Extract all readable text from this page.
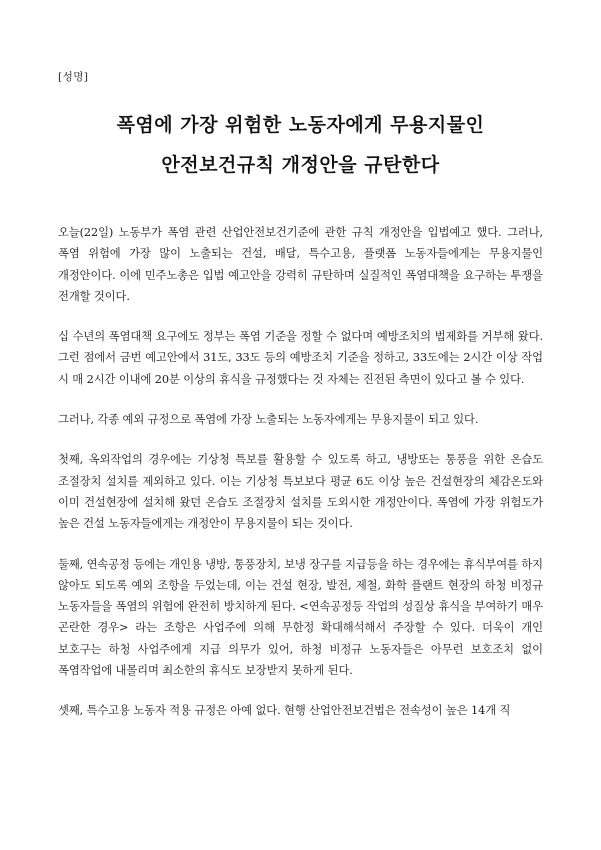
[성명]
폭염에 가장 위험한 노동자에게 무용지물인
안전보건규칙 개정안을 규탄한다

오늘(22일) 노동부가 폭염 관련 산업안전보건기준에 관한 규칙 개정안을 입법예고 했다. 그러나, 폭염 위험에 가장 많이 노출되는 건설, 배달, 특수고용, 플랫폼 노동자들에게는 무용지물인 개정안이다. 이에 민주노총은 입법 예고안을 강력히 규탄하며 실질적인 폭염대책을 요구하는 투쟁을 전개할 것이다.

십 수년의 폭염대책 요구에도 정부는 폭염 기준을 정할 수 없다며 예방조치의 법제화를 거부해 왔다. 그런 점에서 금번 예고안에서 31도, 33도 등의 예방조치 기준을 정하고, 33도에는 2시간 이상 작업 시 매 2시간 이내에 20분 이상의 휴식을 규정했다는 것 자체는 진전된 측면이 있다고 볼 수 있다.

그러나, 각종 예외 규정으로 폭염에 가장 노출되는 노동자에게는 무용지물이 되고 있다.

첫째, 옥외작업의 경우에는 기상청 특보를 활용할 수 있도록 하고, 냉방또는 통풍을 위한 온습도 조절장치 설치를 제외하고 있다. 이는 기상청 특보보다 평균 6도 이상 높은 건설현장의 체감온도와 이미 건설현장에 설치해 왔던 온습도 조절장치 설치를 도외시한 개정안이다. 폭염에 가장 위험도가 높은 건설 노동자들에게는 개정안이 무용지물이 되는 것이다.

둘째, 연속공정 등에는 개인용 냉방, 통풍장치, 보냉 장구를 지급등을 하는 경우에는 휴식부여를 하지 않아도 되도록 예외 조항을 두었는데, 이는 건설 현장, 발전, 제철, 화학 플랜트 현장의 하청 비정규 노동자들을 폭염의 위험에 완전히 방치하게 된다. <연속공정등 작업의 성질상 휴식을 부여하기 매우 곤란한 경우> 라는 조항은 사업주에 의해 무한정 확대해석해서 주장할 수 있다. 더욱이 개인 보호구는 하청 사업주에게 지급 의무가 있어, 하청 비정규 노동자들은 아무런 보호조치 없이 폭염작업에 내몰리며 최소한의 휴식도 보장받지 못하게 된다.

셋째, 특수고용 노동자 적용 규정은 아예 없다. 현행 산업안전보건법은 전속성이 높은 14개 직
